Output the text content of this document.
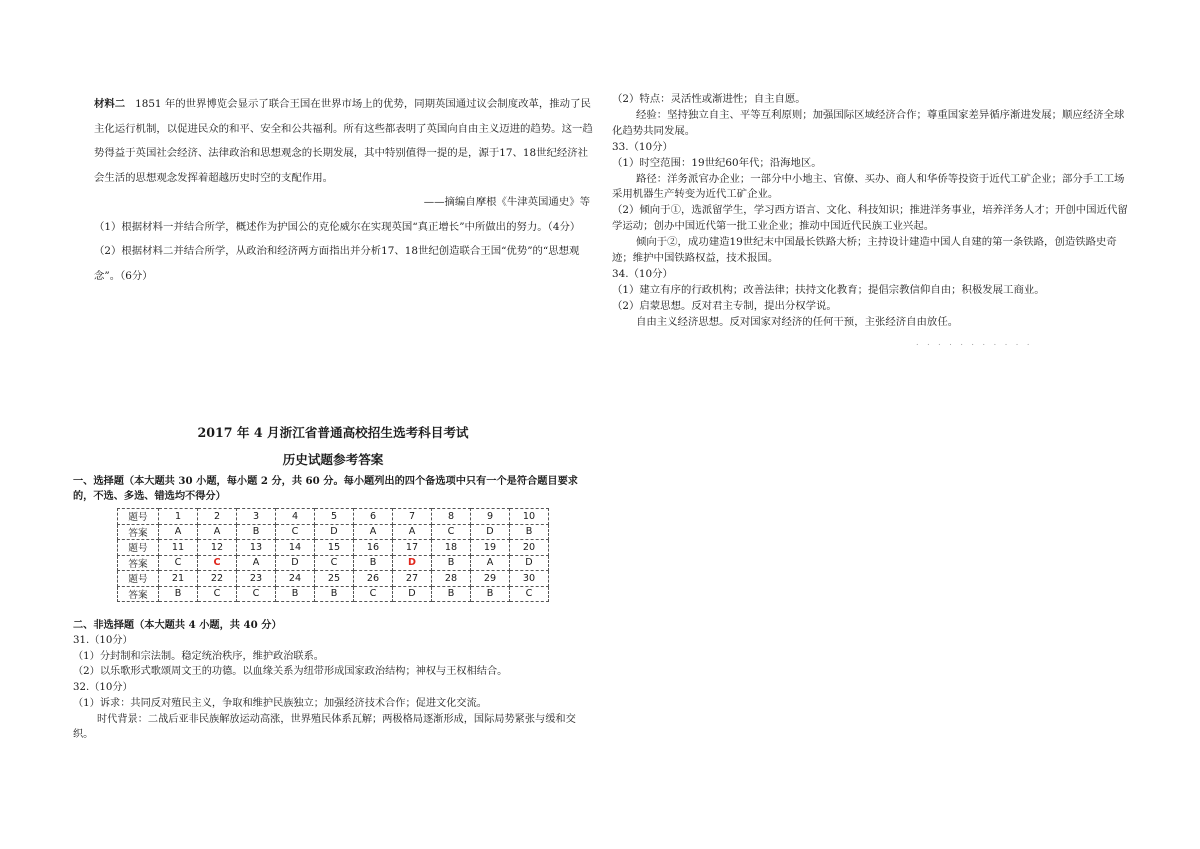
材料二 1851 年的世界博览会显示了联合王国在世界市场上的优势，同期英国通过议会制度改革，推动了民主化运行机制，以促进民众的和平、安全和公共福利。所有这些都表明了英国向自由主义迈进的趋势。这一趋势得益于英国社会经济、法律政治和思想观念的长期发展，其中特别值得一提的是，源于17、18世纪经济社会生活的思想观念发挥着超越历史时空的支配作用。

——摘编自摩根《牛津英国通史》等

（1）根据材料一并结合所学，概述作为护国公的克伦威尔在实现英国“真正增长”中所做出的努力。（4分）

（2）根据材料二并结合所学，从政治和经济两方面指出并分析17、18世纪创造联合王国“优势”的“思想观念”。（6分）

（2）特点：灵活性或渐进性；自主自愿。

经验：坚持独立自主、平等互利原则；加强国际区域经济合作；尊重国家差异循序渐进发展；顺应经济全球化趋势共同发展。

33.（10分）

（1）时空范围：19世纪60年代；沿海地区。

路径：洋务派官办企业；一部分中小地主、官僚、买办、商人和华侨等投资于近代工矿企业；部分手工工场采用机器生产转变为近代工矿企业。

（2）倾向于①，选派留学生，学习西方语言、文化、科技知识；推进洋务事业，培养洋务人才；开创中国近代留学运动；创办中国近代第一批工业企业；推动中国近代民族工业兴起。

倾向于②，成功建造19世纪末中国最长铁路大桥；主持设计建造中国人自建的第一条铁路，创造铁路史奇迹；维护中国铁路权益，技术报国。

34.（10分）

（1）建立有序的行政机构；改善法律；扶持文化教育；提倡宗教信仰自由；积极发展工商业。

（2）启蒙思想。反对君主专制，提出分权学说。

自由主义经济思想。反对国家对经济的任何干预，主张经济自由放任。

. . . . . . . . . . .

2017 年 4 月浙江省普通高校招生选考科目考试

历史试题参考答案

一、选择题（本大题共 30 小题，每小题 2 分，共 60 分。每小题列出的四个备选项中只有一个是符合题目要求的，不选、多选、错选均不得分）

题号	1	2	3	4	5	6	7	8	9	10
答案	A	A	B	C	D	A	A	C	D	B
题号	11	12	13	14	15	16	17	18	19	20
答案	C	C	A	D	C	B	D	B	A	D
题号	21	22	23	24	25	26	27	28	29	30
答案	B	C	C	B	B	C	D	B	B	C

二、非选择题（本大题共 4 小题，共 40 分）

31.（10分）

（1）分封制和宗法制。稳定统治秩序，维护政治联系。

（2）以乐歌形式歌颂周文王的功德。以血缘关系为纽带形成国家政治结构；神权与王权相结合。

32.（10分）

（1）诉求：共同反对殖民主义，争取和维护民族独立；加强经济技术合作；促进文化交流。

时代背景：二战后亚非民族解放运动高涨，世界殖民体系瓦解；两极格局逐渐形成，国际局势紧张与缓和交织。
